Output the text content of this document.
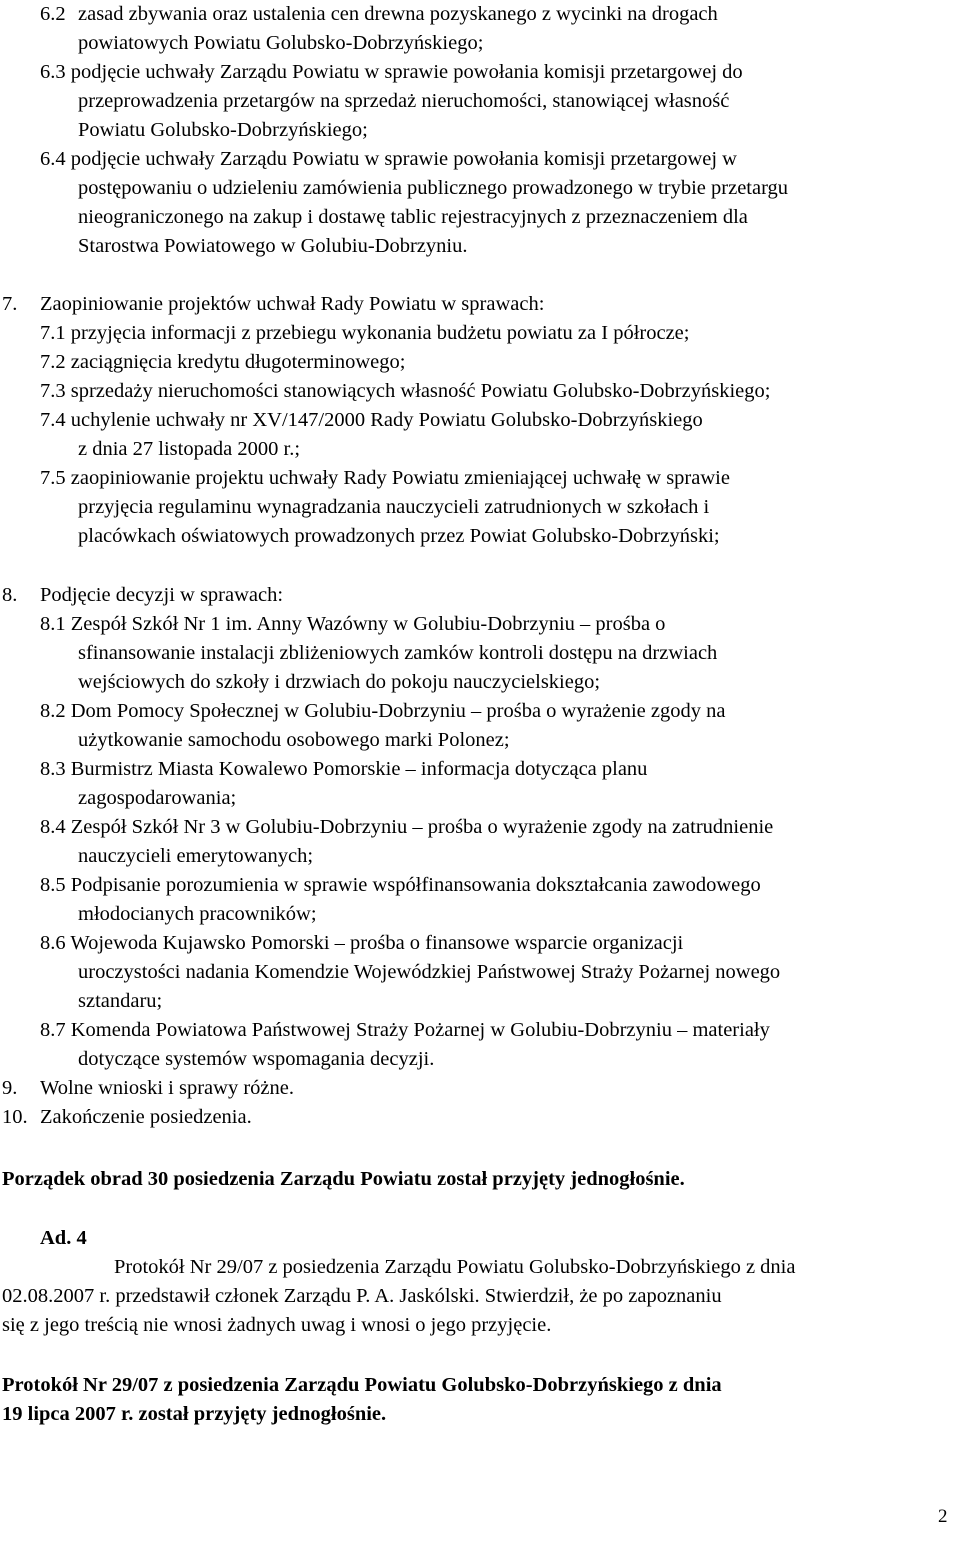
6.2 zasad zbywania oraz ustalenia cen drewna pozyskanego z wycinki na drogach
powiatowych Powiatu Golubsko-Dobrzyńskiego;
6.3 podjęcie uchwały Zarządu Powiatu w sprawie powołania komisji przetargowej do
przeprowadzenia przetargów na sprzedaż nieruchomości, stanowiącej własność
Powiatu Golubsko-Dobrzyńskiego;
6.4 podjęcie uchwały Zarządu Powiatu w sprawie powołania komisji przetargowej w
postępowaniu o udzieleniu zamówienia publicznego prowadzonego w trybie przetargu
nieograniczonego na zakup i dostawę tablic rejestracyjnych z przeznaczeniem dla
Starostwa Powiatowego w Golubiu-Dobrzyniu.
7. Zaopiniowanie projektów uchwał Rady Powiatu w sprawach:
7.1 przyjęcia informacji z przebiegu wykonania budżetu powiatu za I półrocze;
7.2 zaciągnięcia kredytu długoterminowego;
7.3 sprzedaży nieruchomości stanowiących własność Powiatu Golubsko-Dobrzyńskiego;
7.4 uchylenie uchwały nr XV/147/2000 Rady Powiatu Golubsko-Dobrzyńskiego
z dnia 27 listopada 2000 r.;
7.5 zaopiniowanie projektu uchwały Rady Powiatu zmieniającej uchwałę w sprawie
przyjęcia regulaminu wynagradzania nauczycieli zatrudnionych w szkołach i
placówkach oświatowych prowadzonych przez Powiat Golubsko-Dobrzyński;
8. Podjęcie decyzji w sprawach:
8.1 Zespół Szkół Nr 1 im. Anny Wazówny w Golubiu-Dobrzyniu – prośba o
sfinansowanie instalacji zbliżeniowych zamków kontroli dostępu na drzwiach
wejściowych do szkoły i drzwiach do pokoju nauczycielskiego;
8.2 Dom Pomocy Społecznej w Golubiu-Dobrzyniu – prośba o wyrażenie zgody na
użytkowanie samochodu osobowego marki Polonez;
8.3 Burmistrz Miasta Kowalewo Pomorskie – informacja dotycząca planu
zagospodarowania;
8.4 Zespół Szkół Nr 3 w Golubiu-Dobrzyniu – prośba o wyrażenie zgody na zatrudnienie
nauczycieli emerytowanych;
8.5 Podpisanie porozumienia w sprawie współfinansowania dokształcania zawodowego
młodocianych pracowników;
8.6 Wojewoda Kujawsko Pomorski – prośba o finansowe wsparcie organizacji
uroczystości nadania Komendzie Wojewódzkiej Państwowej Straży Pożarnej nowego
sztandaru;
8.7 Komenda Powiatowa Państwowej Straży Pożarnej w Golubiu-Dobrzyniu – materiały
dotyczące systemów wspomagania decyzji.
9. Wolne wnioski i sprawy różne.
10. Zakończenie posiedzenia.
Porządek obrad 30 posiedzenia Zarządu Powiatu został przyjęty jednogłośnie.
Ad. 4
Protokół Nr 29/07 z posiedzenia Zarządu Powiatu Golubsko-Dobrzyńskiego z dnia
02.08.2007 r. przedstawił członek Zarządu P. A. Jaskólski. Stwierdził, że po zapoznaniu
się z jego treścią nie wnosi żadnych uwag i wnosi o jego przyjęcie.
Protokół Nr 29/07 z posiedzenia Zarządu Powiatu Golubsko-Dobrzyńskiego z dnia
19 lipca 2007 r. został przyjęty jednogłośnie.
2
